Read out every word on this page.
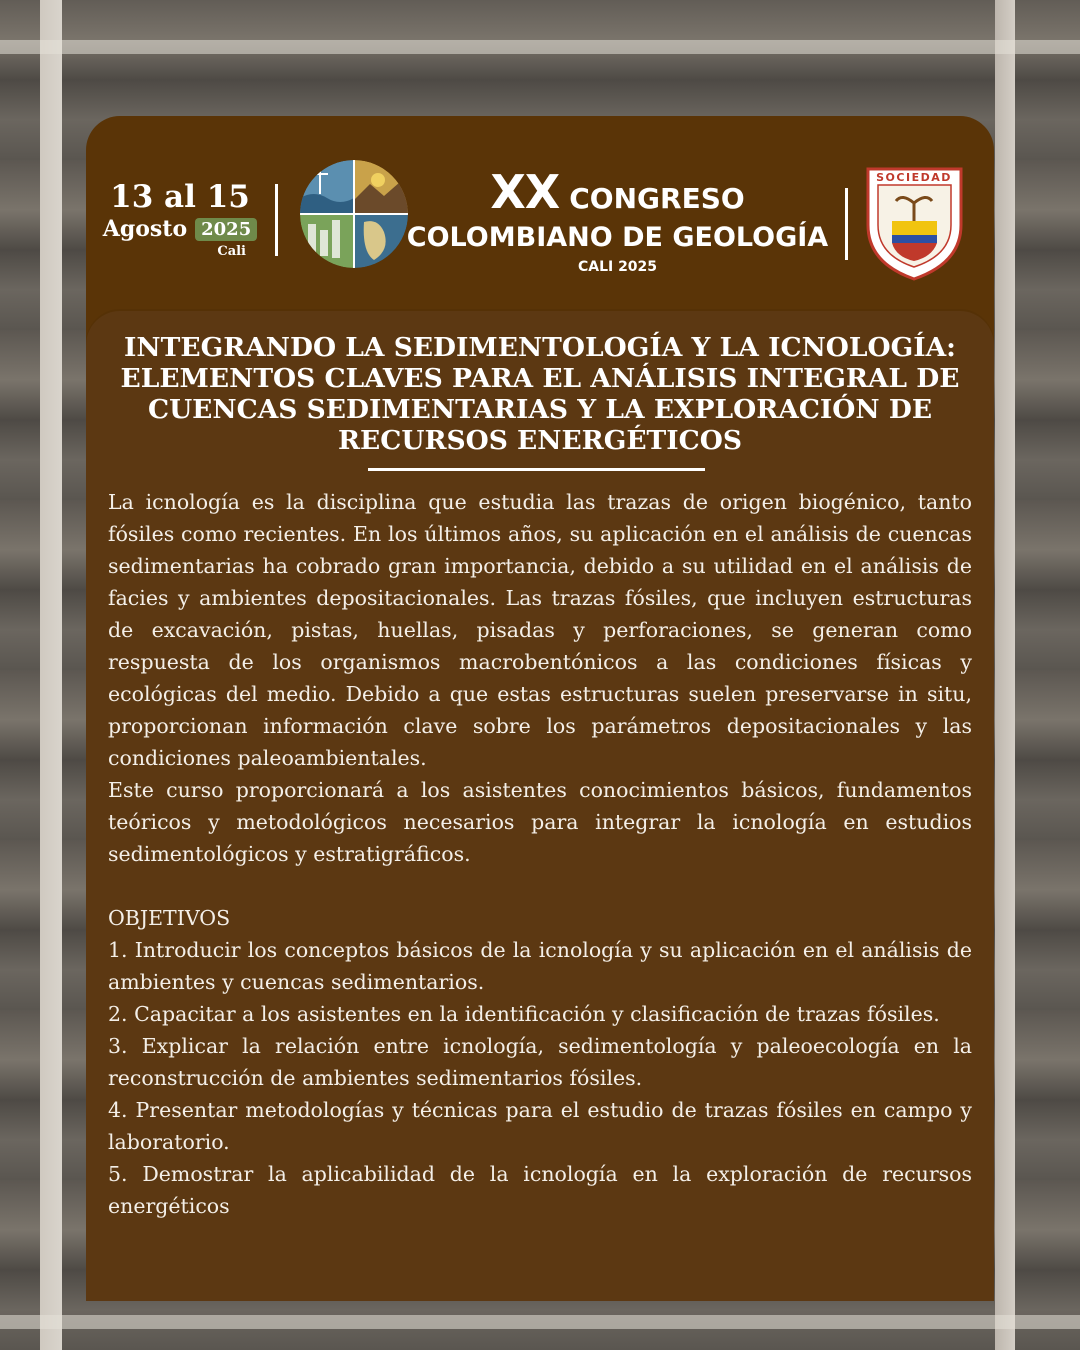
13 al 15
Agosto 2025
Cali
XX CONGRESO
COLOMBIANO DE GEOLOGÍA
CALI 2025
SOCIEDAD
INTEGRANDO LA SEDIMENTOLOGÍA Y LA ICNOLOGÍA: ELEMENTOS CLAVES PARA EL ANÁLISIS INTEGRAL DE CUENCAS SEDIMENTARIAS Y LA EXPLORACIÓN DE RECURSOS ENERGÉTICOS

La icnología es la disciplina que estudia las trazas de origen biogénico, tanto fósiles como recientes. En los últimos años, su aplicación en el análisis de cuencas sedimentarias ha cobrado gran importancia, debido a su utilidad en el análisis de facies y ambientes depositacionales. Las trazas fósiles, que incluyen estructuras de excavación, pistas, huellas, pisadas y perforaciones, se generan como respuesta de los organismos macrobentónicos a las condiciones físicas y ecológicas del medio. Debido a que estas estructuras suelen preservarse in situ, proporcionan información clave sobre los parámetros depositacionales y las condiciones paleoambientales.

Este curso proporcionará a los asistentes conocimientos básicos, fundamentos teóricos y metodológicos necesarios para integrar la icnología en estudios sedimentológicos y estratigráficos.

OBJETIVOS

1. Introducir los conceptos básicos de la icnología y su aplicación en el análisis de ambientes y cuencas sedimentarios.

2. Capacitar a los asistentes en la identificación y clasificación de trazas fósiles.

3. Explicar la relación entre icnología, sedimentología y paleoecología en la reconstrucción de ambientes sedimentarios fósiles.

4. Presentar metodologías y técnicas para el estudio de trazas fósiles en campo y laboratorio.

5. Demostrar la aplicabilidad de la icnología en la exploración de recursos energéticos
